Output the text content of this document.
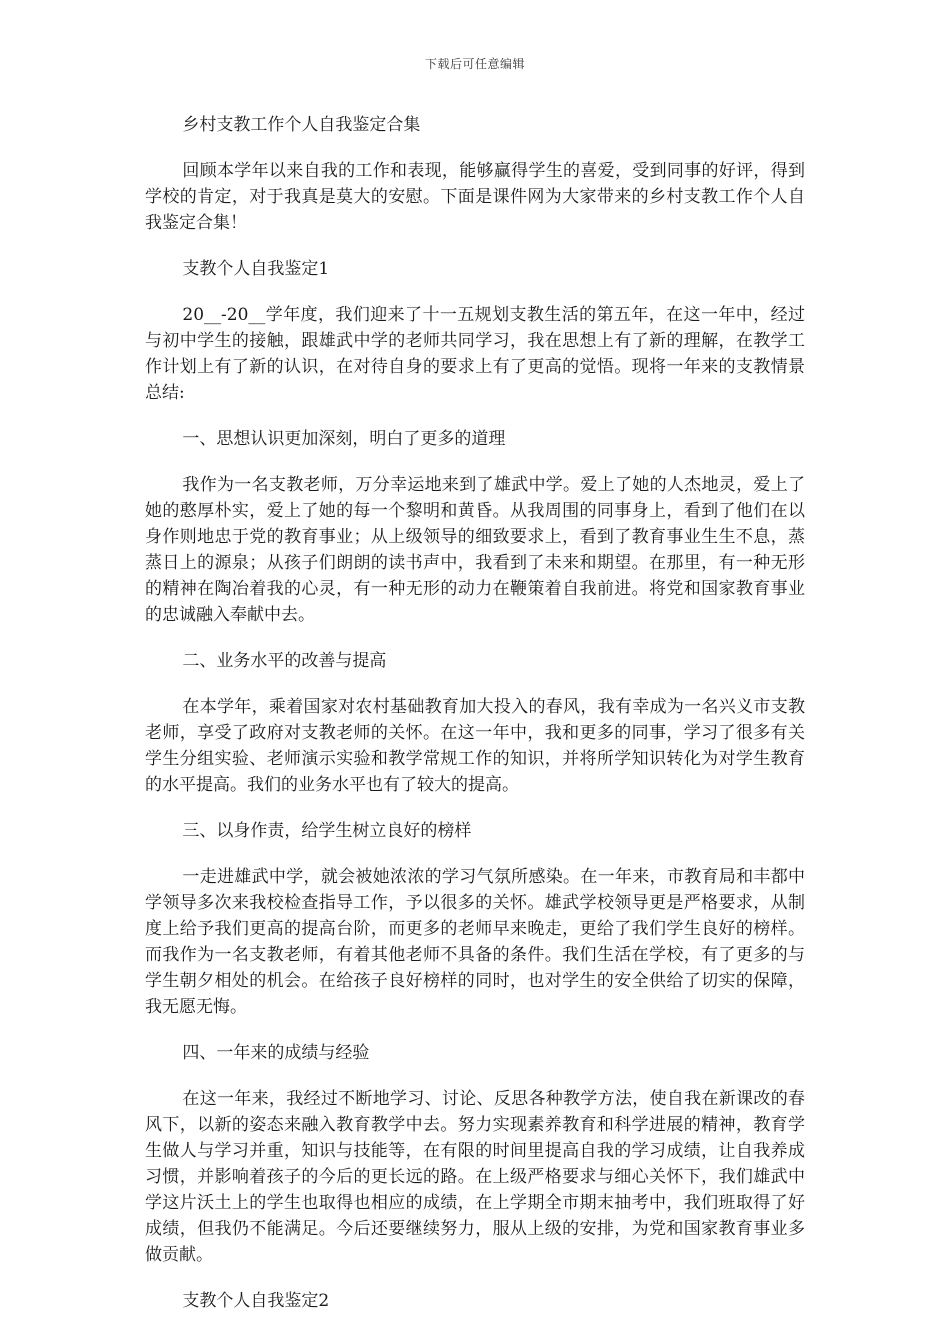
下载后可任意编辑

乡村支教工作个人自我鉴定合集

回顾本学年以来自我的工作和表现，能够赢得学生的喜爱，受到同事的好评，得到学校的肯定，对于我真是莫大的安慰。下面是课件网为大家带来的乡村支教工作个人自我鉴定合集！

支教个人自我鉴定1

20__-20__学年度，我们迎来了十一五规划支教生活的第五年，在这一年中，经过与初中学生的接触，跟雄武中学的老师共同学习，我在思想上有了新的理解，在教学工作计划上有了新的认识，在对待自身的要求上有了更高的觉悟。现将一年来的支教情景总结:

一、思想认识更加深刻，明白了更多的道理

我作为一名支教老师，万分幸运地来到了雄武中学。爱上了她的人杰地灵，爱上了她的憨厚朴实，爱上了她的每一个黎明和黄昏。从我周围的同事身上，看到了他们在以身作则地忠于党的教育事业；从上级领导的细致要求上，看到了教育事业生生不息，蒸蒸日上的源泉；从孩子们朗朗的读书声中，我看到了未来和期望。在那里，有一种无形的精神在陶冶着我的心灵，有一种无形的动力在鞭策着自我前进。将党和国家教育事业的忠诚融入奉献中去。

二、业务水平的改善与提高

在本学年，乘着国家对农村基础教育加大投入的春风，我有幸成为一名兴义市支教老师，享受了政府对支教老师的关怀。在这一年中，我和更多的同事，学习了很多有关学生分组实验、老师演示实验和教学常规工作的知识，并将所学知识转化为对学生教育的水平提高。我们的业务水平也有了较大的提高。

三、以身作责，给学生树立良好的榜样

一走进雄武中学，就会被她浓浓的学习气氛所感染。在一年来，市教育局和丰都中学领导多次来我校检查指导工作，予以很多的关怀。雄武学校领导更是严格要求，从制度上给予我们更高的提高台阶，而更多的老师早来晚走，更给了我们学生良好的榜样。而我作为一名支教老师，有着其他老师不具备的条件。我们生活在学校，有了更多的与学生朝夕相处的机会。在给孩子良好榜样的同时，也对学生的安全供给了切实的保障，我无愿无悔。

四、一年来的成绩与经验

在这一年来，我经过不断地学习、讨论、反思各种教学方法，使自我在新课改的春风下，以新的姿态来融入教育教学中去。努力实现素养教育和科学进展的精神，教育学生做人与学习并重，知识与技能等，在有限的时间里提高自我的学习成绩，让自我养成习惯，并影响着孩子的今后的更长远的路。在上级严格要求与细心关怀下，我们雄武中学这片沃土上的学生也取得也相应的成绩，在上学期全市期末抽考中，我们班取得了好成绩，但我仍不能满足。今后还要继续努力，服从上级的安排，为党和国家教育事业多做贡献。

支教个人自我鉴定2
